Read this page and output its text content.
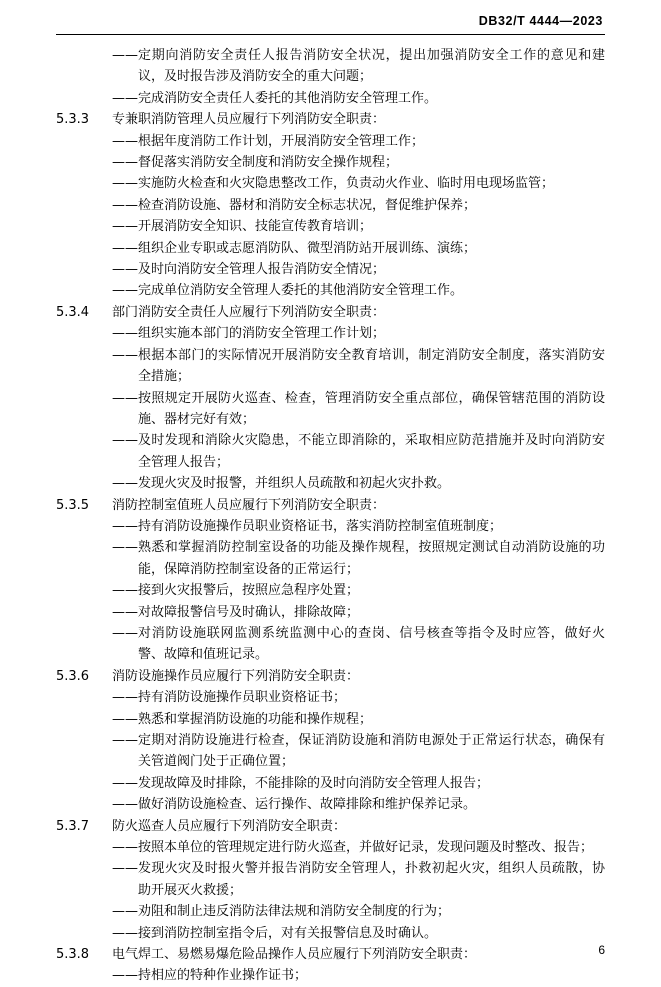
DB32/T 4444—2023
—— 定期向消防安全责任人报告消防安全状况，提出加强消防安全工作的意见和建议，及时报告涉及消防安全的重大问题；
—— 完成消防安全责任人委托的其他消防安全管理工作。
5.3.3	专兼职消防管理人员应履行下列消防安全职责：
—— 根据年度消防工作计划，开展消防安全管理工作；
—— 督促落实消防安全制度和消防安全操作规程；
—— 实施防火检查和火灾隐患整改工作，负责动火作业、临时用电现场监管；
—— 检查消防设施、器材和消防安全标志状况，督促维护保养；
—— 开展消防安全知识、技能宣传教育培训；
—— 组织企业专职或志愿消防队、微型消防站开展训练、演练；
—— 及时向消防安全管理人报告消防安全情况；
—— 完成单位消防安全管理人委托的其他消防安全管理工作。
5.3.4	部门消防安全责任人应履行下列消防安全职责：
—— 组织实施本部门的消防安全管理工作计划；
—— 根据本部门的实际情况开展消防安全教育培训，制定消防安全制度，落实消防安全措施；
—— 按照规定开展防火巡查、检查，管理消防安全重点部位，确保管辖范围的消防设施、器材完好有效；
—— 及时发现和消除火灾隐患，不能立即消除的，采取相应防范措施并及时向消防安全管理人报告；
—— 发现火灾及时报警，并组织人员疏散和初起火灾扑救。
5.3.5	消防控制室值班人员应履行下列消防安全职责：
—— 持有消防设施操作员职业资格证书，落实消防控制室值班制度；
—— 熟悉和掌握消防控制室设备的功能及操作规程，按照规定测试自动消防设施的功能，保障消防控制室设备的正常运行；
—— 接到火灾报警后，按照应急程序处置；
—— 对故障报警信号及时确认，排除故障；
—— 对消防设施联网监测系统监测中心的查岗、信号核查等指令及时应答，做好火警、故障和值班记录。
5.3.6	消防设施操作员应履行下列消防安全职责：
—— 持有消防设施操作员职业资格证书；
—— 熟悉和掌握消防设施的功能和操作规程；
—— 定期对消防设施进行检查，保证消防设施和消防电源处于正常运行状态，确保有关管道阀门处于正确位置；
—— 发现故障及时排除，不能排除的及时向消防安全管理人报告；
—— 做好消防设施检查、运行操作、故障排除和维护保养记录。
5.3.7	防火巡查人员应履行下列消防安全职责：
—— 按照本单位的管理规定进行防火巡查，并做好记录，发现问题及时整改、报告；
—— 发现火灾及时报火警并报告消防安全管理人，扑救初起火灾，组织人员疏散，协助开展灭火救援；
—— 劝阻和制止违反消防法律法规和消防安全制度的行为；
—— 接到消防控制室指令后，对有关报警信息及时确认。
5.3.8	电气焊工、易燃易爆危险品操作人员应履行下列消防安全职责：
—— 持相应的特种作业操作证书；
6
